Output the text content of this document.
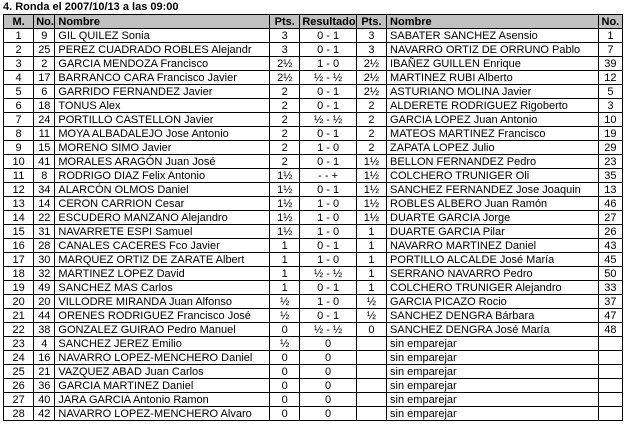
4. Ronda el 2007/10/13 a las 09:00
M.	No.	Nombre	Pts.	Resultado	Pts.	Nombre	No.
1	9	GIL QUILEZ Sonia	3	0 - 1	3	SABATER SANCHEZ Asensio	1
2	25	PEREZ CUADRADO ROBLES Alejandr	3	0 - 1	3	NAVARRO ORTIZ DE ORRUNO Pablo	7
3	2	GARCIA MENDOZA Francisco	2½	1 - 0	2½	IBAÑEZ GUILLEN Enrique	39
4	17	BARRANCO CARA Francisco Javier	2½	½ - ½	2½	MARTINEZ RUBI Alberto	12
5	6	GARRIDO FERNANDEZ Javier	2	0 - 1	2½	ASTURIANO MOLINA Javier	5
6	18	TONUS Alex	2	0 - 1	2	ALDERETE RODRIGUEZ Rigoberto	3
7	24	PORTILLO CASTELLON Javier	2	½ - ½	2	GARCIA LOPEZ Juan Antonio	10
8	11	MOYA ALBADALEJO Jose Antonio	2	0 - 1	2	MATEOS MARTINEZ Francisco	19
9	15	MORENO SIMO Javier	2	1 - 0	2	ZAPATA LOPEZ Julio	29
10	41	MORALES ARAGÓN Juan José	2	0 - 1	1½	BELLON FERNANDEZ Pedro	23
11	8	RODRIGO DIAZ Felix Antonio	1½	- - +	1½	COLCHERO TRUNIGER Oli	35
12	34	ALARCÓN OLMOS Daniel	1½	0 - 1	1½	SANCHEZ FERNANDEZ Jose Joaquin	13
13	14	CERON CARRION Cesar	1½	1 - 0	1½	ROBLES ALBERO Juan Ramón	46
14	22	ESCUDERO MANZANO Alejandro	1½	1 - 0	1½	DUARTE GARCIA Jorge	27
15	31	NAVARRETE ESPI Samuel	1½	1 - 0	1	DUARTE GARCIA Pilar	26
16	28	CANALES CACERES Fco Javier	1	0 - 1	1	NAVARRO MARTINEZ Daniel	43
17	30	MARQUEZ ORTIZ DE ZARATE Albert	1	1 - 0	1	PORTILLO ALCALDE José María	45
18	32	MARTINEZ LOPEZ David	1	½ - ½	1	SERRANO NAVARRO Pedro	50
19	49	SANCHEZ MAS Carlos	1	0 - 1	1	COLCHERO TRUNIGER Alejandro	33
20	20	VILLODRE MIRANDA Juan Alfonso	½	1 - 0	½	GARCIA PICAZO Rocio	37
21	44	ORENES RODRIGUEZ Francisco José	½	0 - 1	½	SANCHEZ DENGRA Bárbara	47
22	38	GONZALEZ GUIRAO Pedro Manuel	0	½ - ½	0	SANCHEZ DENGRA José María	48
23	4	SANCHEZ JEREZ Emilio	½	0		sin emparejar	
24	16	NAVARRO LOPEZ-MENCHERO Daniel	0	0		sin emparejar	
25	21	VAZQUEZ ABAD Juan Carlos	0	0		sin emparejar	
26	36	GARCIA MARTINEZ Daniel	0	0		sin emparejar	
27	40	JARA GARCIA Antonio Ramon	0	0		sin emparejar	
28	42	NAVARRO LOPEZ-MENCHERO Alvaro	0	0		sin emparejar	
